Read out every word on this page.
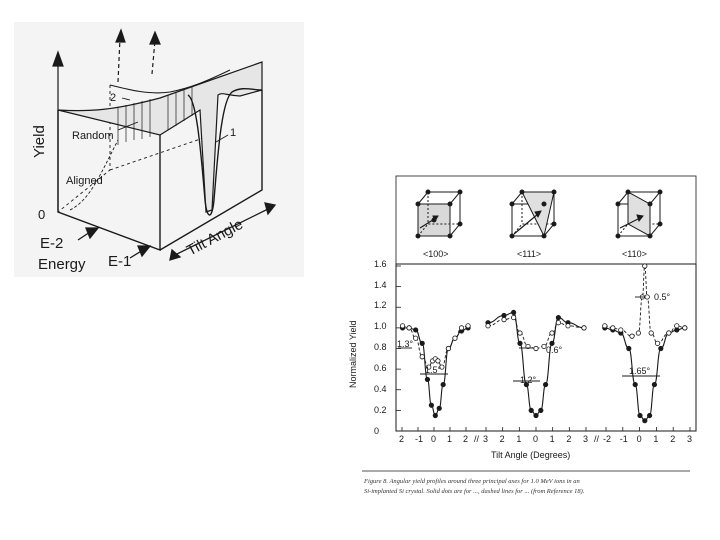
Yield Random
Aligned
0
E-2
E-1
Energy
Tilt Angle
2
1
<100>	<111>	<110>
0
0.2
0.4
0.6
0.8
1.0
1.2
1.4
1.6
Normalized Yield
Tilt Angle (Degrees)
2 -1 0 1 2 3 2 1 0 1 2 3 -2 -1 0 1 2 3
//	//
1.3°
1.5°
1.2°
0.6°
1.65°
0.5°
Figure 8. Angular yield profiles around three principal axes for 1.0 MeV ions in an
Si-implanted Si crystal. Solid dots are for ..., dashed lines for ... (from Reference 18).
